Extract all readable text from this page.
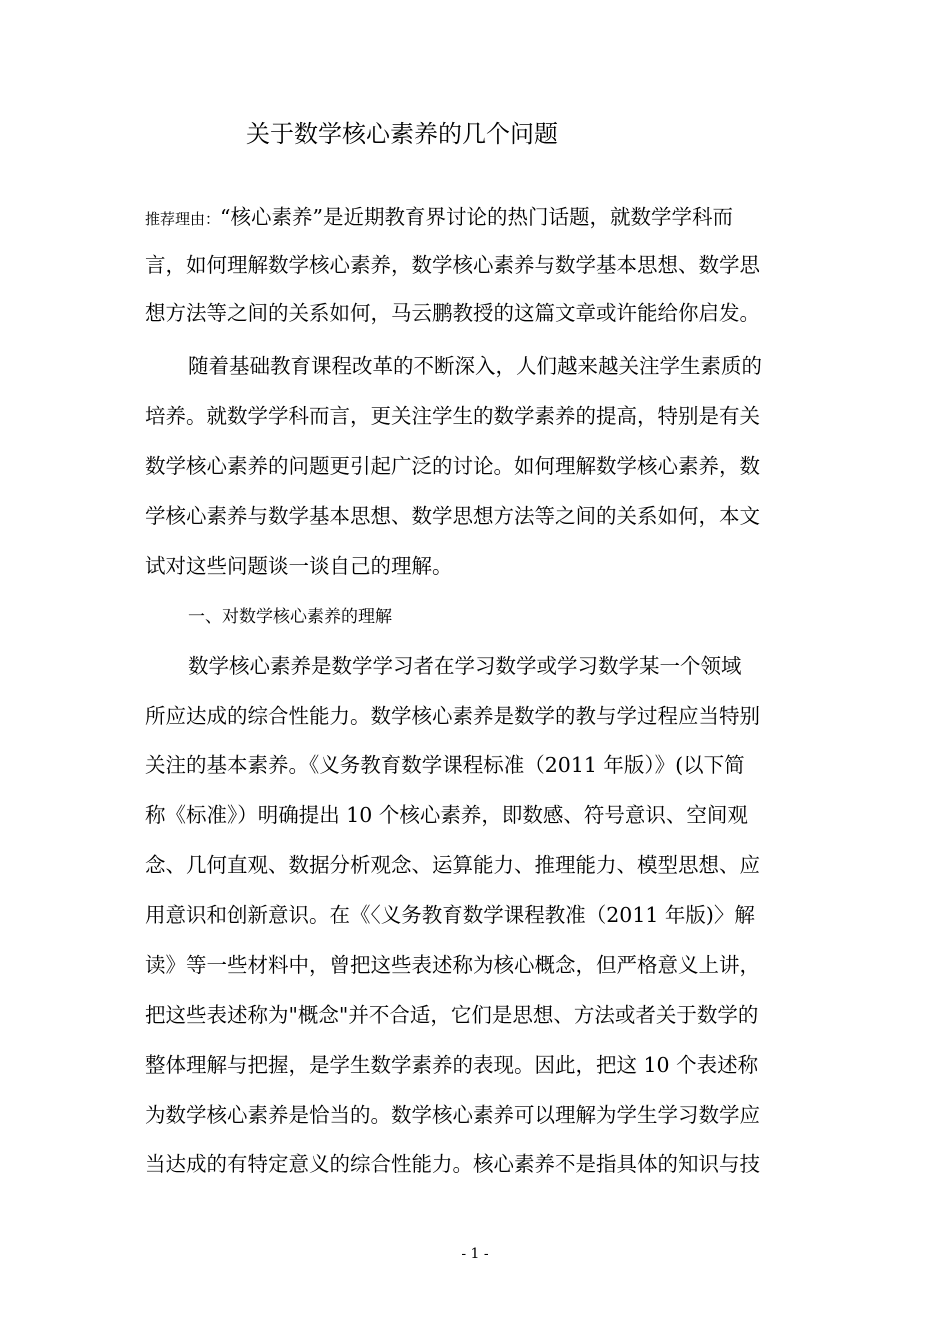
关于数学核心素养的几个问题
推荐理由：“核心素养”是近期教育界讨论的热门话题，就数学学科而
言，如何理解数学核心素养，数学核心素养与数学基本思想、数学思
想方法等之间的关系如何，马云鹏教授的这篇文章或许能给你启发。
随着基础教育课程改革的不断深入，人们越来越关注学生素质的
培养。就数学学科而言，更关注学生的数学素养的提高，特别是有关
数学核心素养的问题更引起广泛的讨论。如何理解数学核心素养，数
学核心素养与数学基本思想、数学思想方法等之间的关系如何，本文
试对这些问题谈一谈自己的理解。
一、对数学核心素养的理解
数学核心素养是数学学习者在学习数学或学习数学某一个领域
所应达成的综合性能力。数学核心素养是数学的教与学过程应当特别
关注的基本素养。《义务教育数学课程标准（2011 年版）》(以下简
称《标准》）明确提出 10 个核心素养，即数感、符号意识、空间观
念、几何直观、数据分析观念、运算能力、推理能力、模型思想、应
用意识和创新意识。在《〈义务教育数学课程教准（2011 年版)〉解
读》等一些材料中，曾把这些表述称为核心概念，但严格意义上讲，
把这些表述称为"概念"并不合适，它们是思想、方法或者关于数学的
整体理解与把握，是学生数学素养的表现。因此，把这 10 个表述称
为数学核心素养是恰当的。数学核心素养可以理解为学生学习数学应
当达成的有特定意义的综合性能力。核心素养不是指具体的知识与技
- 1 -
